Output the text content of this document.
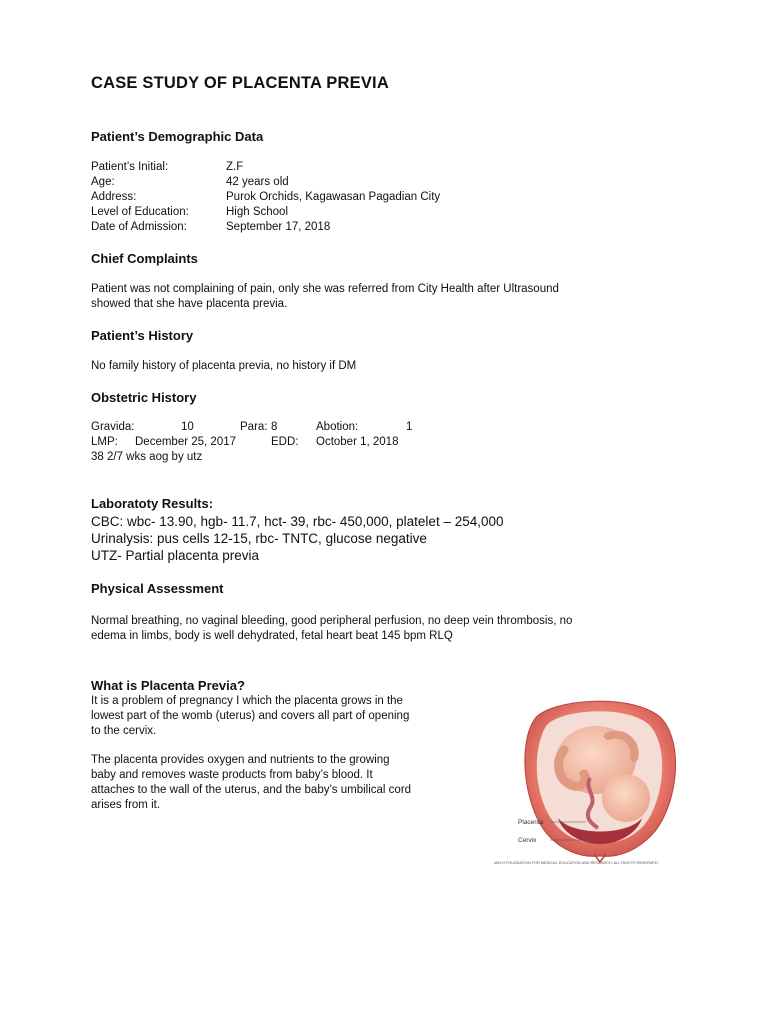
CASE STUDY OF PLACENTA PREVIA
Patient’s Demographic Data
Patient’s Initial:	Z.F
Age:	42 years old
Address:	Purok Orchids, Kagawasan Pagadian City
Level of Education:	High School
Date of Admission:	September 17, 2018
Chief Complaints
Patient was not complaining of pain, only she was referred from City Health after Ultrasound
showed that she have placenta previa.
Patient’s History
No family history of placenta previa, no history if DM
Obstetric History
Gravida:	10	Para: 8	Abotion:	1
LMP: December 25, 2017	EDD: October 1, 2018
38 2/7 wks aog by utz
Laboratoty Results:
CBC: wbc- 13.90, hgb- 11.7, hct- 39, rbc- 450,000, platelet – 254,000
Urinalysis: pus cells 12-15, rbc- TNTC, glucose negative
UTZ- Partial placenta previa
Physical Assessment
Normal breathing, no vaginal bleeding, good peripheral perfusion, no deep vein thrombosis, no
edema in limbs, body is well dehydrated, fetal heart beat 145 bpm RLQ
What is Placenta Previa?
It is a problem of pregnancy I which the placenta grows in the
lowest part of the womb (uterus) and covers all part of opening
to the cervix.
The placenta provides oxygen and nutrients to the growing
baby and removes waste products from baby’s blood. It
attaches to the wall of the uterus, and the baby’s umbilical cord
arises from it.
Placenta
Cervix
MAYO FOUNDATION FOR MEDICAL EDUCATION AND RESEARCH. ALL RIGHTS RESERVED.
